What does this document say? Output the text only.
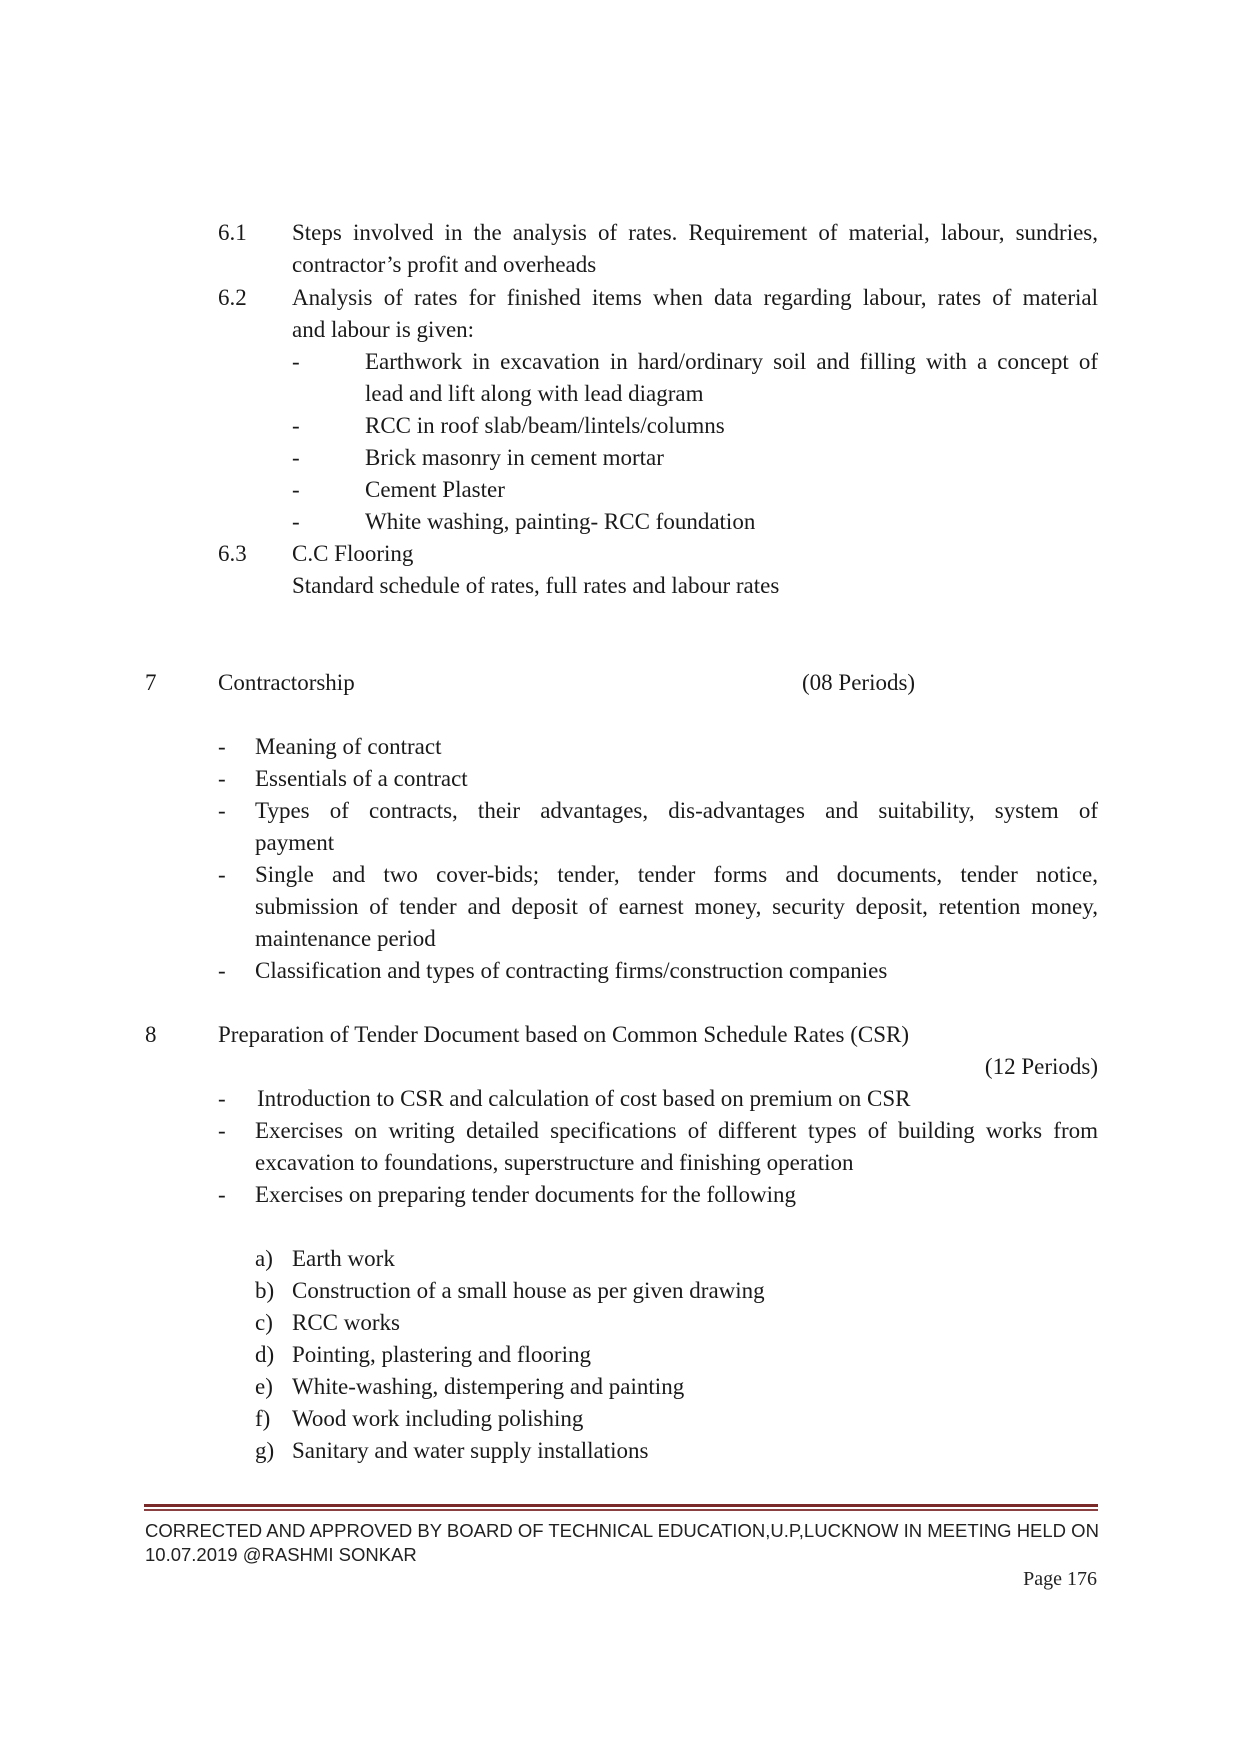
6.1 Steps involved in the analysis of rates. Requirement of material, labour, sundries,
contractor’s profit and overheads
6.2 Analysis of rates for finished items when data regarding labour, rates of material
and labour is given:
-	Earthwork in excavation in hard/ordinary soil and filling with a concept of
lead and lift along with lead diagram
-	RCC in roof slab/beam/lintels/columns
-	Brick masonry in cement mortar
-	Cement Plaster
-	White washing, painting- RCC foundation
6.3 C.C Flooring
Standard schedule of rates, full rates and labour rates
7	Contractorship	(08 Periods)
- Meaning of contract
- Essentials of a contract
- Types of contracts, their advantages, dis-advantages and suitability, system of
payment
- Single and two cover-bids; tender, tender forms and documents, tender notice,
submission of tender and deposit of earnest money, security deposit, retention money,
maintenance period
- Classification and types of contracting firms/construction companies
8	Preparation of Tender Document based on Common Schedule Rates (CSR)
(12 Periods)
- Introduction to CSR and calculation of cost based on premium on CSR
- Exercises on writing detailed specifications of different types of building works from
excavation to foundations, superstructure and finishing operation
- Exercises on preparing tender documents for the following
a) Earth work
b) Construction of a small house as per given drawing
c) RCC works
d) Pointing, plastering and flooring
e) White-washing, distempering and painting
f) Wood work including polishing
g) Sanitary and water supply installations
CORRECTED AND APPROVED BY BOARD OF TECHNICAL EDUCATION,U.P,LUCKNOW IN MEETING HELD ON
10.07.2019 @RASHMI SONKAR
Page 176
